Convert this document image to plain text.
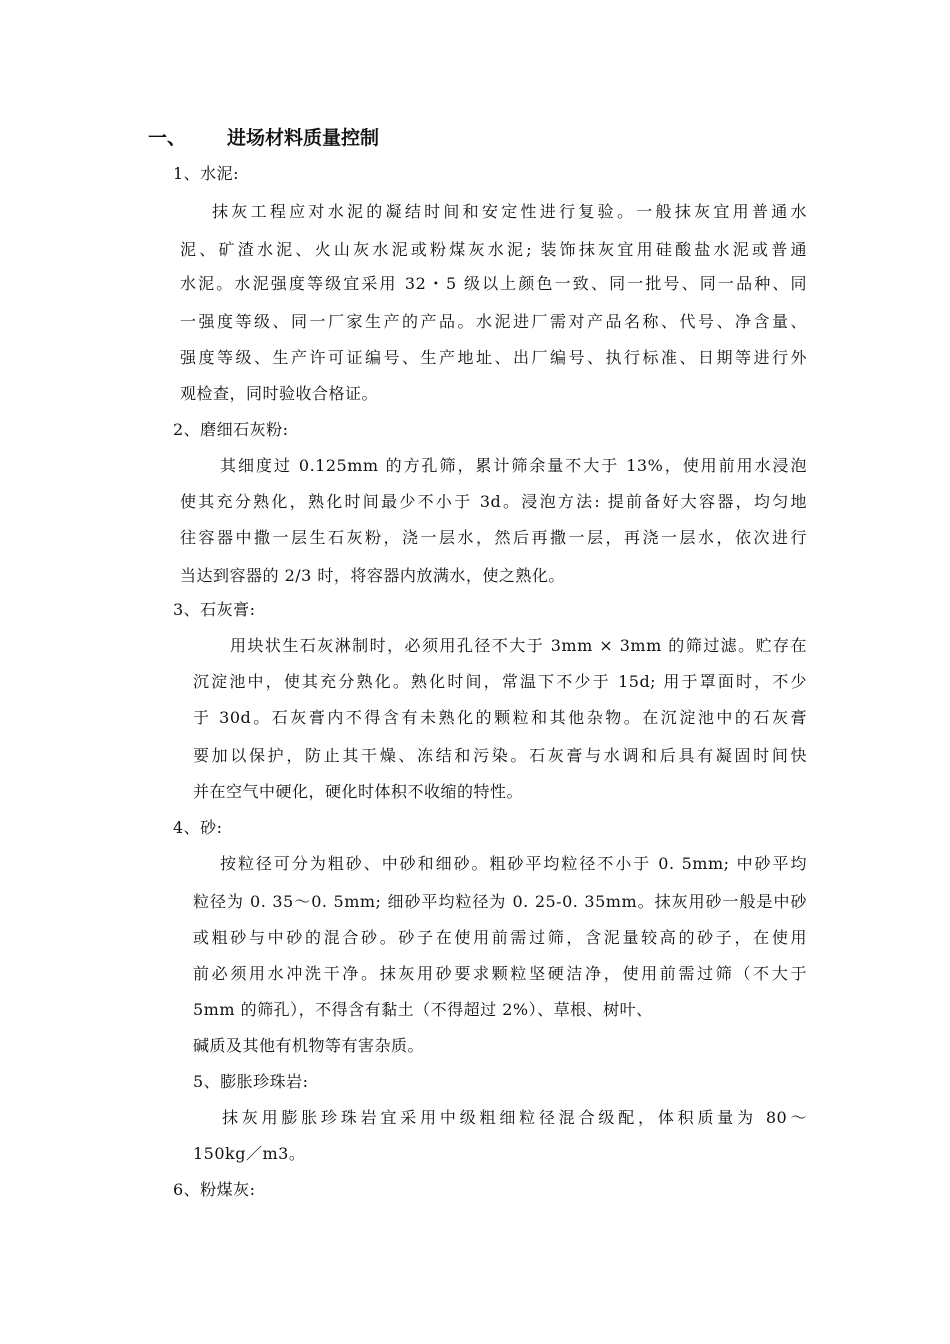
一、 进场材料质量控制
1、水泥:
抹灰工程应对水泥的凝结时间和安定性进行复验。一般抹灰宜用普通水
泥、矿渣水泥、火山灰水泥或粉煤灰水泥; 装饰抹灰宜用硅酸盐水泥或普通
水泥。水泥强度等级宜采用 32・5 级以上颜色一致、同一批号、同一品种、同
一强度等级、同一厂家生产的产品。水泥进厂需对产品名称、代号、净含量、
强度等级、生产许可证编号、生产地址、出厂编号、执行标准、日期等进行外
观检查，同时验收合格证。
2、磨细石灰粉:
其细度过 0.125mm 的方孔筛，累计筛余量不大于 13%，使用前用水浸泡
使其充分熟化，熟化时间最少不小于 3d。浸泡方法: 提前备好大容器，均匀地
往容器中撒一层生石灰粉，浇一层水，然后再撒一层，再浇一层水，依次进行
当达到容器的 2/3 时，将容器内放满水，使之熟化。
3、石灰膏:
用块状生石灰淋制时，必须用孔径不大于 3mm × 3mm 的筛过滤。贮存在
沉淀池中，使其充分熟化。熟化时间，常温下不少于 15d; 用于罩面时，不少
于 30d。石灰膏内不得含有未熟化的颗粒和其他杂物。在沉淀池中的石灰膏
要加以保护，防止其干燥、冻结和污染。石灰膏与水调和后具有凝固时间快
并在空气中硬化，硬化时体积不收缩的特性。
4、砂:
按粒径可分为粗砂、中砂和细砂。粗砂平均粒径不小于 0. 5mm; 中砂平均
粒径为 0. 35～0. 5mm; 细砂平均粒径为 0. 25-0. 35mm。抹灰用砂一般是中砂
或粗砂与中砂的混合砂。砂子在使用前需过筛，含泥量较高的砂子，在使用
前必须用水冲洗干净。抹灰用砂要求颗粒坚硬洁净，使用前需过筛（不大于
5mm 的筛孔），不得含有黏土（不得超过 2%）、草根、树叶、
碱质及其他有机物等有害杂质。
5、膨胀珍珠岩:
抹灰用膨胀珍珠岩宜采用中级粗细粒径混合级配，体积质量为 80～
150kg／m3。
6、粉煤灰:
